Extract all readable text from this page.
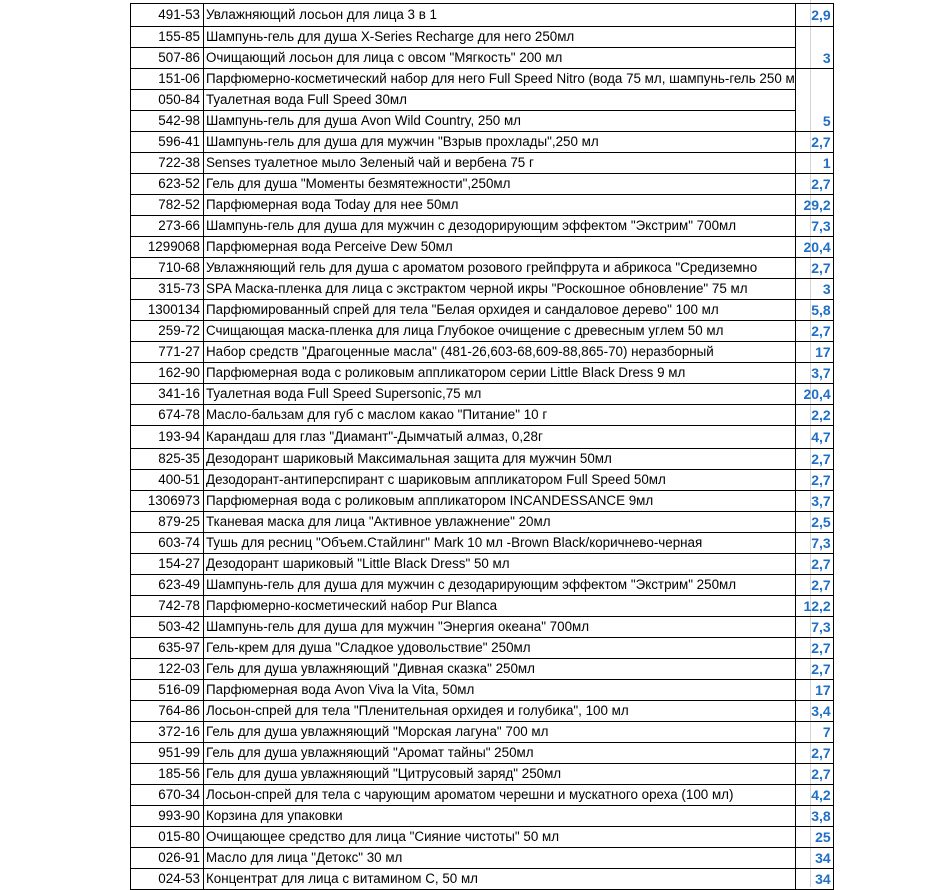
491-53	Увлажняющий лосьон для лица 3 в 1	2,9
155-85	Шампунь-гель для душа X-Series Recharge для него 250мл	
507-86	Очищающий лосьон для лица с овсом "Мягкость" 200 мл	3
151-06	Парфюмерно-косметический набор для него Full Speed Nitro (вода 75 мл, шампунь-гель 250 м	
050-84	Туалетная вода Full Speed 30мл	
542-98	Шампунь-гель для душа Avon Wild Country, 250 мл	5
596-41	Шампунь-гель для душа для мужчин "Взрыв прохлады",250 мл	2,7
722-38	Senses туалетное мыло Зеленый чай и вербена 75 г	1
623-52	Гель для душа "Моменты безмятежности",250мл	2,7
782-52	Парфюмерная вода Today для нее 50мл	29,2
273-66	Шампунь-гель для душа для мужчин с дезодорирующим эффектом "Экстрим" 700мл	7,3
1299068	Парфюмерная вода Perceive Dew 50мл	20,4
710-68	Увлажняющий гель для душа с ароматом розового грейпфрута и абрикоса "Средиземно	2,7
315-73	SPA Маска-пленка для лица с экстрактом черной икры "Роскошное обновление" 75 мл	3
1300134	Парфюмированный спрей для тела "Белая орхидея и сандаловое дерево" 100 мл	5,8
259-72	Счищающая маска-пленка для лица Глубокое очищение с древесным углем 50 мл	2,7
771-27	Набор средств "Драгоценные масла" (481-26,603-68,609-88,865-70) неразборный	17
162-90	Парфюмерная вода с роликовым аппликатором серии Little Black Dress 9 мл	3,7
341-16	Туалетная вода Full Speed Supersonic,75 мл	20,4
674-78	Масло-бальзам для губ с маслом какао "Питание" 10 г	2,2
193-94	Карандаш для глаз "Диамант"-Дымчатый алмаз, 0,28г	4,7
825-35	Дезодорант шариковый Максимальная защита для мужчин 50мл	2,7
400-51	Дезодорант-антиперспирант с шариковым аппликатором Full Speed 50мл	2,7
1306973	Парфюмерная вода с роликовым аппликатором INCANDESSANCE 9мл	3,7
879-25	Тканевая маска для лица "Активное увлажнение" 20мл	2,5
603-74	Тушь для ресниц "Объем.Стайлинг" Mark 10 мл -Brown Black/коричнево-черная	7,3
154-27	Дезодорант шариковый "Little Black Dress" 50 мл	2,7
623-49	Шампунь-гель для душа для мужчин с дезодарирующим эффектом "Экстрим" 250мл	2,7
742-78	Парфюмерно-косметический набор Pur Blanca	12,2
503-42	Шампунь-гель для душа для мужчин "Энергия океана" 700мл	7,3
635-97	Гель-крем для душа "Сладкое удовольствие" 250мл	2,7
122-03	Гель для душа увлажняющий "Дивная сказка" 250мл	2,7
516-09	Парфюмерная вода Avon Viva la Vita, 50мл	17
764-86	Лосьон-спрей для тела "Пленительная орхидея и голубика", 100 мл	3,4
372-16	Гель для душа увлажняющий "Морская лагуна" 700 мл	7
951-99	Гель для душа увлажняющий "Аромат тайны" 250мл	2,7
185-56	Гель для душа увлажняющий "Цитрусовый заряд" 250мл	2,7
670-34	Лосьон-спрей для тела с чарующим ароматом черешни и мускатного ореха (100 мл)	4,2
993-90	Корзина для упаковки	3,8
015-80	Очищающее средство для лица "Сияние чистоты" 50 мл	25
026-91	Масло для лица "Детокс" 30 мл	34
024-53	Концентрат для лица с витамином С, 50 мл	34
